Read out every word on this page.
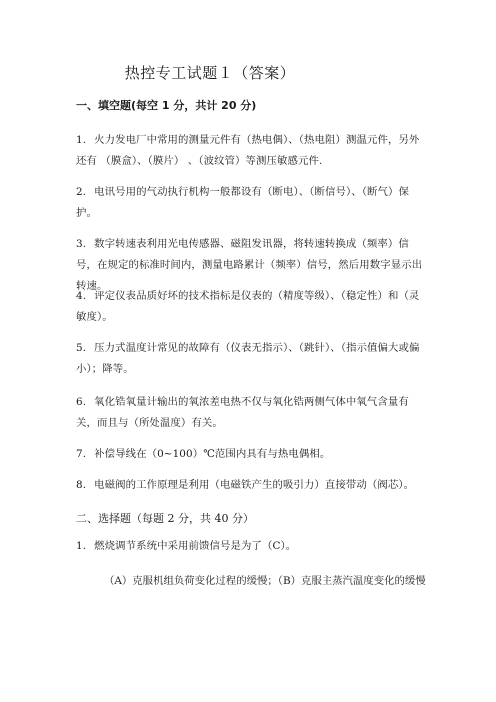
热控专工试题１（答案）
一、填空题(每空 1 分，共计 20 分)
1. 火力发电厂中常用的测量元件有（热电偶）、（热电阻）测温元件，另外还有 （膜盒）、（膜片） 、（波纹管）等测压敏感元件.
2. 电讯号用的气动执行机构一般都设有（断电）、（断信号）、（断气）保护。
3. 数字转速表利用光电传感器、磁阻发讯器，将转速转换成（频率）信号，在规定的标准时间内，测量电路累计（频率）信号，然后用数字显示出转速。
4. 评定仪表品质好坏的技术指标是仪表的（精度等级）、（稳定性）和（灵敏度）。
5. 压力式温度计常见的故障有（仪表无指示）、（跳针）、（指示值偏大或偏小）；降等。
6. 氧化锆氧量计输出的氧浓差电热不仅与氧化锆两侧气体中氧气含量有关，而且与（所处温度）有关。
7. 补偿导线在（0~100）℃范围内具有与热电偶相。
8. 电磁阀的工作原理是利用（电磁铁产生的吸引力）直接带动（阀芯）。
二、选择题（每题 2 分，共 40 分）
1. 燃烧调节系统中采用前馈信号是为了（C）。
（A）克服机组负荷变化过程的缓慢；（B）克服主蒸汽温度变化的缓慢
